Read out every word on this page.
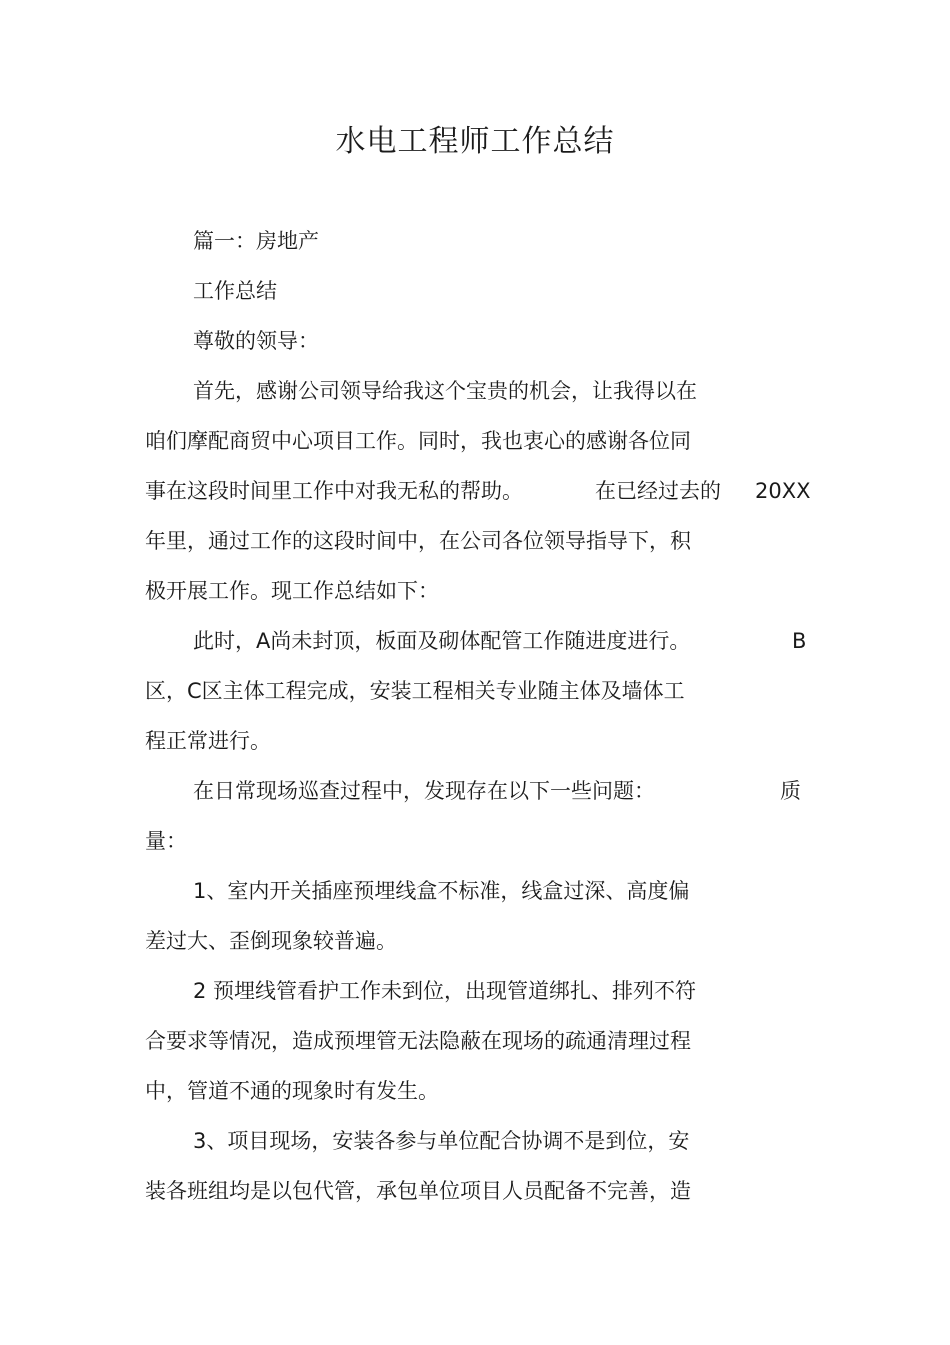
水电工程师工作总结
篇一：房地产
工作总结
尊敬的领导：
首先，感谢公司领导给我这个宝贵的机会，让我得以在
咱们摩配商贸中心项目工作。同时，我也衷心的感谢各位同
事在这段时间里工作中对我无私的帮助。	在已经过去的 20XX
年里，通过工作的这段时间中，在公司各位领导指导下，积
极开展工作。现工作总结如下：
此时，A尚未封顶，板面及砌体配管工作随进度进行。	B
区，C区主体工程完成，安装工程相关专业随主体及墙体工
程正常进行。
在日常现场巡查过程中，发现存在以下一些问题：	质
量：
1、室内开关插座预埋线盒不标准，线盒过深、高度偏
差过大、歪倒现象较普遍。
2 预埋线管看护工作未到位，出现管道绑扎、排列不符
合要求等情况，造成预埋管无法隐蔽在现场的疏通清理过程
中，管道不通的现象时有发生。
3、项目现场，安装各参与单位配合协调不是到位，安
装各班组均是以包代管，承包单位项目人员配备不完善，造
